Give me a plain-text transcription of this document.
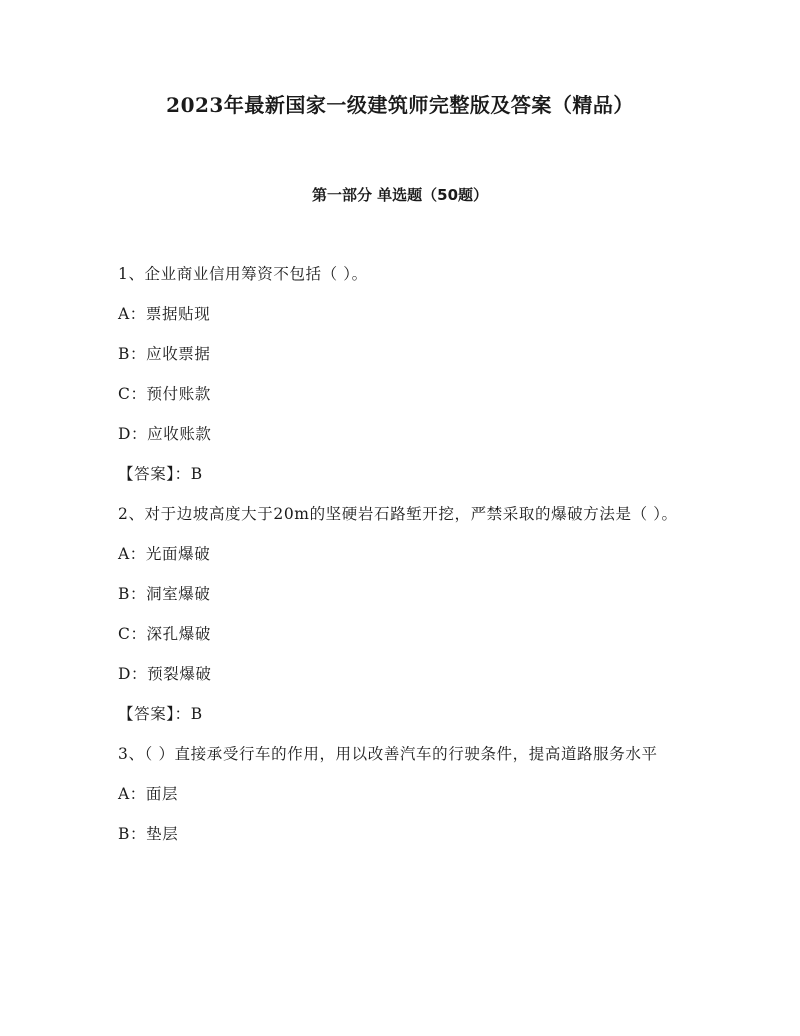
2023年最新国家一级建筑师完整版及答案（精品）
第一部分 单选题（50题）

1、企业商业信用筹资不包括（ ）。

A：票据贴现

B：应收票据

C：预付账款

D：应收账款

【答案】：B

2、对于边坡高度大于20m的坚硬岩石路堑开挖，严禁采取的爆破方法是（ ）。

A：光面爆破

B：洞室爆破

C：深孔爆破

D：预裂爆破

【答案】：B

3、（ ）直接承受行车的作用，用以改善汽车的行驶条件，提高道路服务水平

A：面层

B：垫层
